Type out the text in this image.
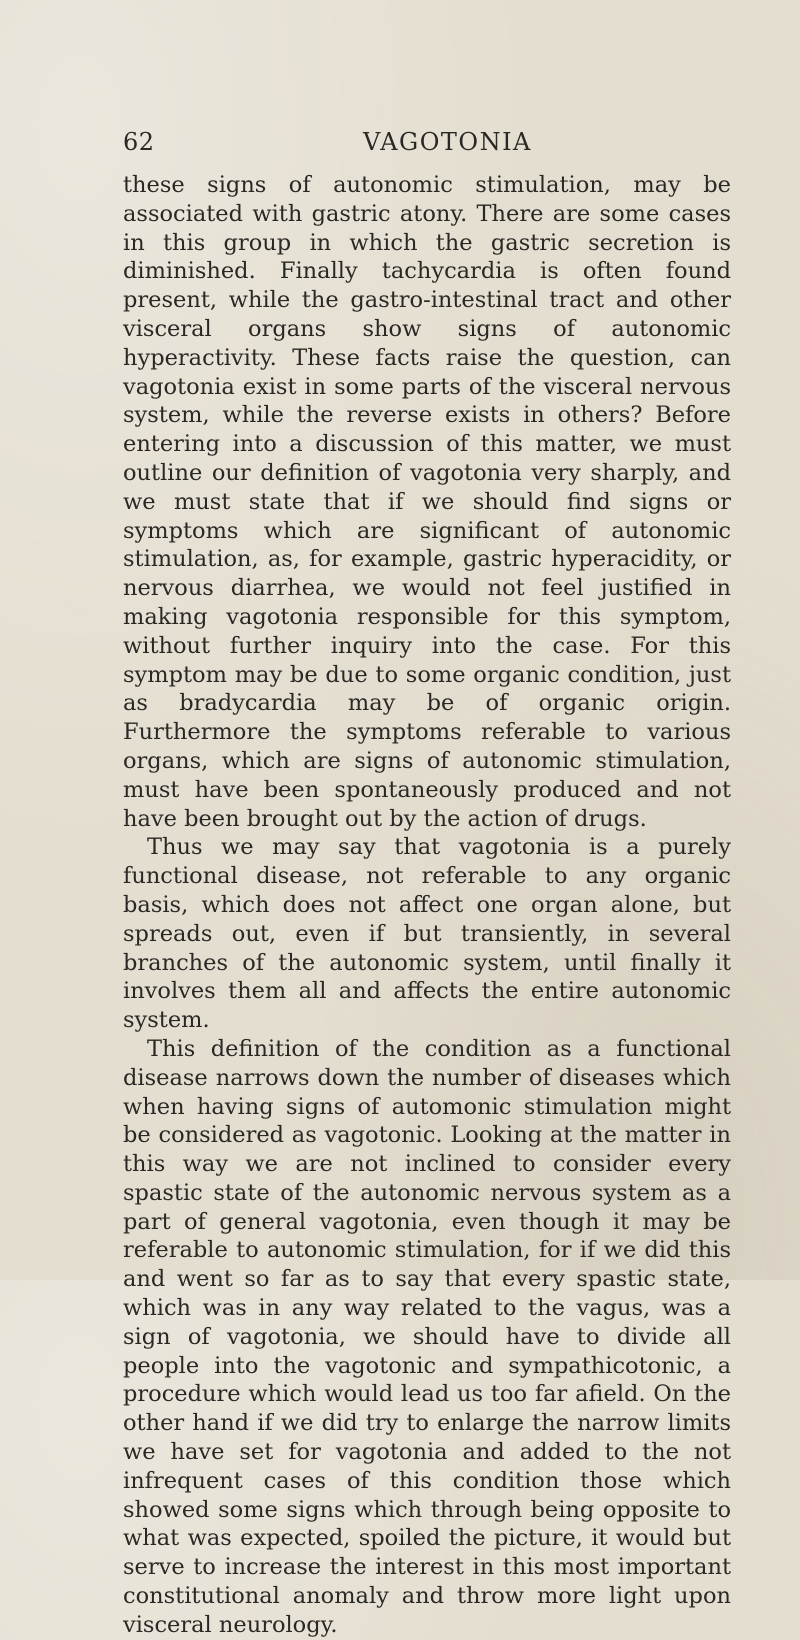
62	VAGOTONIA

these signs of autonomic stimulation, may be associated with gastric atony. There are some cases in this group in which the gastric secretion is diminished. Finally tachycardia is often found present, while the gastro-intestinal tract and other visceral organs show signs of autonomic hyperactivity. These facts raise the question, can vagotonia exist in some parts of the visceral nervous system, while the reverse exists in others? Before entering into a discussion of this matter, we must outline our definition of vagotonia very sharply, and we must state that if we should find signs or symptoms which are significant of autonomic stimulation, as, for example, gastric hyperacidity, or nervous diarrhea, we would not feel justified in making vagotonia responsible for this symptom, without further inquiry into the case. For this symptom may be due to some organic condition, just as bradycardia may be of organic origin. Furthermore the symptoms referable to various organs, which are signs of autonomic stimulation, must have been spontaneously produced and not have been brought out by the action of drugs.

Thus we may say that vagotonia is a purely functional disease, not referable to any organic basis, which does not affect one organ alone, but spreads out, even if but transiently, in several branches of the autonomic system, until finally it involves them all and affects the entire autonomic system.

This definition of the condition as a functional disease narrows down the number of diseases which when having signs of automonic stimulation might be considered as vagotonic. Looking at the matter in this way we are not inclined to consider every spastic state of the autonomic nervous system as a part of general vagotonia, even though it may be referable to autonomic stimulation, for if we did this and went so far as to say that every spastic state, which was in any way related to the vagus, was a sign of vagotonia, we should have to divide all people into the vagotonic and sympathicotonic, a procedure which would lead us too far afield. On the other hand if we did try to enlarge the narrow limits we have set for vagotonia and added to the not infrequent cases of this condition those which showed some signs which through being opposite to what was expected, spoiled the picture, it would but serve to increase the interest in this most important constitutional anomaly and throw more light upon visceral neurology.
